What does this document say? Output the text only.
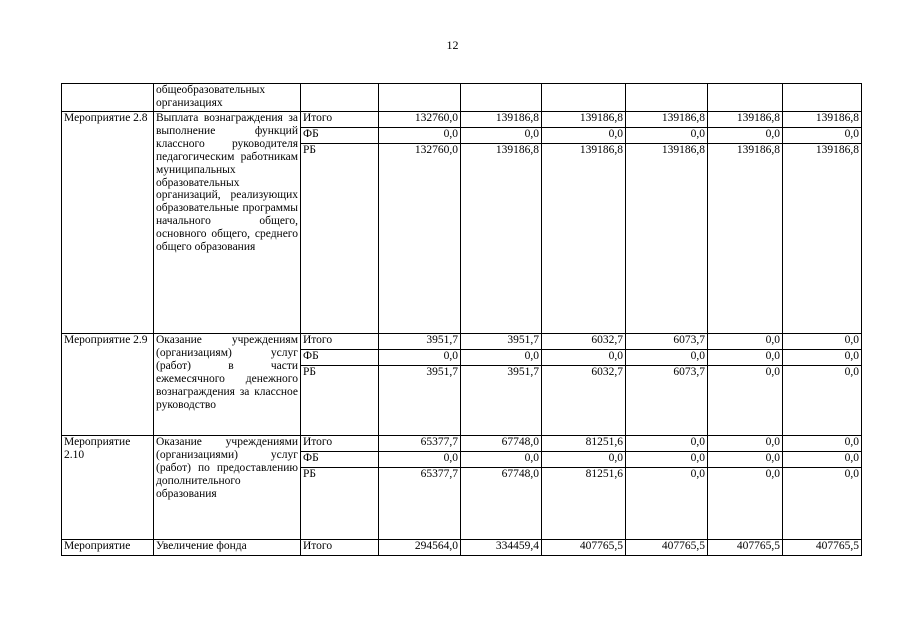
12
	общеобразовательных организациях							
Мероприятие 2.8	Выплата вознаграждения за выполнение функций классного руководителя педагогическим работникам муниципальных образовательных организаций, реализующих образовательные программы начального общего, основного общего, среднего общего образования	Итого	132760,0	139186,8	139186,8	139186,8	139186,8	139186,8
		ФБ	0,0	0,0	0,0	0,0	0,0	0,0
		РБ	132760,0	139186,8	139186,8	139186,8	139186,8	139186,8
Мероприятие 2.9	Оказание учреждениям (организациям) услуг (работ) в части ежемесячного денежного вознаграждения за классное руководство	Итого	3951,7	3951,7	6032,7	6073,7	0,0	0,0
		ФБ	0,0	0,0	0,0	0,0	0,0	0,0
		РБ	3951,7	3951,7	6032,7	6073,7	0,0	0,0
Мероприятие 2.10	Оказание учреждениями (организациями) услуг (работ) по предоставлению дополнительного образования	Итого	65377,7	67748,0	81251,6	0,0	0,0	0,0
		ФБ	0,0	0,0	0,0	0,0	0,0	0,0
		РБ	65377,7	67748,0	81251,6	0,0	0,0	0,0
Мероприятие	Увеличение фонда	Итого	294564,0	334459,4	407765,5	407765,5	407765,5	407765,5
